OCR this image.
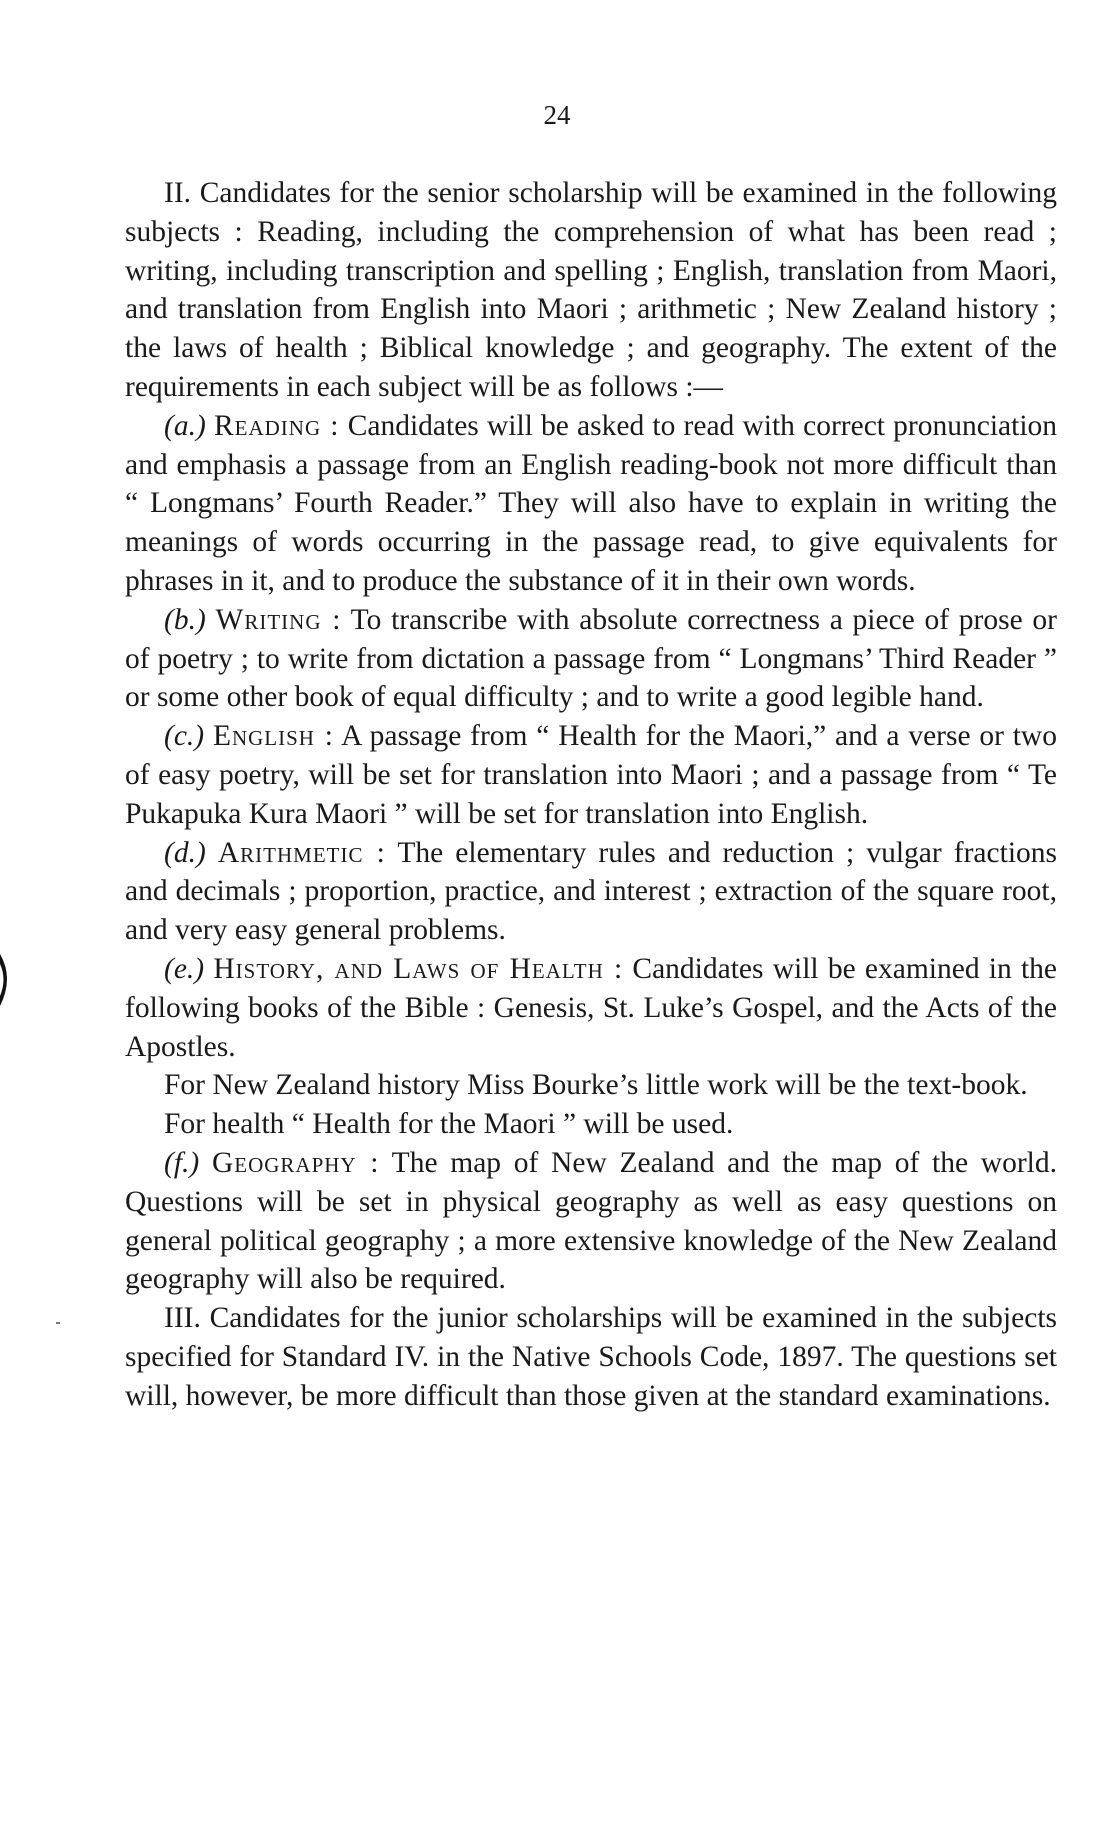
24

II. Candidates for the senior scholarship will be examined in the following subjects : Reading, including the comprehension of what has been read ; writing, including transcription and spelling ; English, translation from Maori, and translation from English into Maori ; arithmetic ; New Zealand history ; the laws of health ; Biblical knowledge ; and geography. The extent of the requirements in each subject will be as follows :—

(a.) Reading : Candidates will be asked to read with correct pronunciation and emphasis a passage from an English reading-book not more difficult than “ Longmans’ Fourth Reader.” They will also have to explain in writing the meanings of words occurring in the passage read, to give equivalents for phrases in it, and to produce the substance of it in their own words.

(b.) Writing : To transcribe with absolute correctness a piece of prose or of poetry ; to write from dictation a passage from “ Longmans’ Third Reader ” or some other book of equal difficulty ; and to write a good legible hand.

(c.) English : A passage from “ Health for the Maori,” and a verse or two of easy poetry, will be set for translation into Maori ; and a passage from “ Te Pukapuka Kura Maori ” will be set for translation into English.

(d.) Arithmetic : The elementary rules and reduction ; vulgar fractions and decimals ; proportion, practice, and interest ; extraction of the square root, and very easy general problems.

(e.) History, and Laws of Health : Candidates will be examined in the following books of the Bible : Genesis, St. Luke’s Gospel, and the Acts of the Apostles.

For New Zealand history Miss Bourke’s little work will be the text-book.

For health “ Health for the Maori ” will be used.

(f.) Geography : The map of New Zealand and the map of the world. Questions will be set in physical geography as well as easy questions on general political geography ; a more extensive knowledge of the New Zealand geography will also be required.

III. Candidates for the junior scholarships will be examined in the subjects specified for Standard IV. in the Native Schools Code, 1897. The questions set will, however, be more difficult than those given at the standard examinations.
